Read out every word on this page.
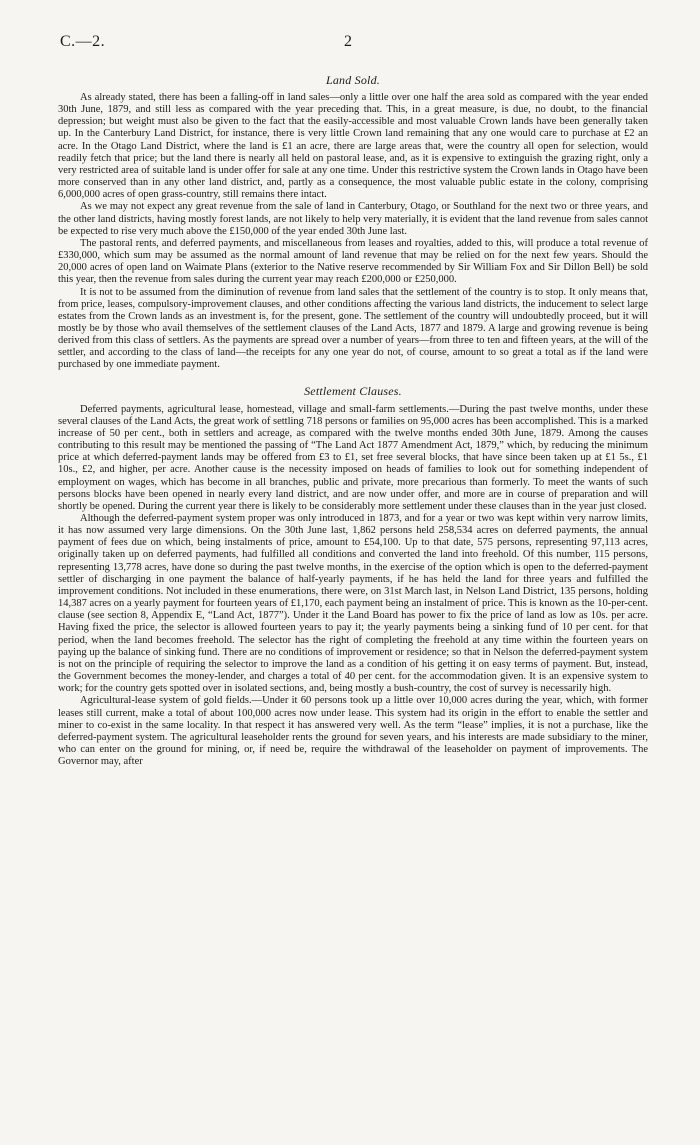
C.—2.	2
Land Sold.

As already stated, there has been a falling-off in land sales—only a little over one half the area sold as compared with the year ended 30th June, 1879, and still less as compared with the year preceding that. This, in a great measure, is due, no doubt, to the financial depression; but weight must also be given to the fact that the easily-accessible and most valuable Crown lands have been generally taken up. In the Canterbury Land District, for instance, there is very little Crown land remaining that any one would care to purchase at £2 an acre. In the Otago Land District, where the land is £1 an acre, there are large areas that, were the country all open for selection, would readily fetch that price; but the land there is nearly all held on pastoral lease, and, as it is expensive to extinguish the grazing right, only a very restricted area of suitable land is under offer for sale at any one time. Under this restrictive system the Crown lands in Otago have been more conserved than in any other land district, and, partly as a consequence, the most valuable public estate in the colony, comprising 6,000,000 acres of open grass-country, still remains there intact.

As we may not expect any great revenue from the sale of land in Canterbury, Otago, or Southland for the next two or three years, and the other land districts, having mostly forest lands, are not likely to help very materially, it is evident that the land revenue from sales cannot be expected to rise very much above the £150,000 of the year ended 30th June last.

The pastoral rents, and deferred payments, and miscellaneous from leases and royalties, added to this, will produce a total revenue of £330,000, which sum may be assumed as the normal amount of land revenue that may be relied on for the next few years. Should the 20,000 acres of open land on Waimate Plans (exterior to the Native reserve recommended by Sir William Fox and Sir Dillon Bell) be sold this year, then the revenue from sales during the current year may reach £200,000 or £250,000.

It is not to be assumed from the diminution of revenue from land sales that the settlement of the country is to stop. It only means that, from price, leases, compulsory-improvement clauses, and other conditions affecting the various land districts, the inducement to select large estates from the Crown lands as an investment is, for the present, gone. The settlement of the country will undoubtedly proceed, but it will mostly be by those who avail themselves of the settlement clauses of the Land Acts, 1877 and 1879. A large and growing revenue is being derived from this class of settlers. As the payments are spread over a number of years—from three to ten and fifteen years, at the will of the settler, and according to the class of land—the receipts for any one year do not, of course, amount to so great a total as if the land were purchased by one immediate payment.

Settlement Clauses.

Deferred payments, agricultural lease, homestead, village and small-farm settlements.—During the past twelve months, under these several clauses of the Land Acts, the great work of settling 718 persons or families on 95,000 acres has been accomplished. This is a marked increase of 50 per cent., both in settlers and acreage, as compared with the twelve months ended 30th June, 1879. Among the causes contributing to this result may be mentioned the passing of “The Land Act 1877 Amendment Act, 1879,” which, by reducing the minimum price at which deferred-payment lands may be offered from £3 to £1, set free several blocks, that have since been taken up at £1 5s., £1 10s., £2, and higher, per acre. Another cause is the necessity imposed on heads of families to look out for something independent of employment on wages, which has become in all branches, public and private, more precarious than formerly. To meet the wants of such persons blocks have been opened in nearly every land district, and are now under offer, and more are in course of preparation and will shortly be opened. During the current year there is likely to be considerably more settlement under these clauses than in the year just closed.

Although the deferred-payment system proper was only introduced in 1873, and for a year or two was kept within very narrow limits, it has now assumed very large dimensions. On the 30th June last, 1,862 persons held 258,534 acres on deferred payments, the annual payment of fees due on which, being instalments of price, amount to £54,100. Up to that date, 575 persons, representing 97,113 acres, originally taken up on deferred payments, had fulfilled all conditions and converted the land into freehold. Of this number, 115 persons, representing 13,778 acres, have done so during the past twelve months, in the exercise of the option which is open to the deferred-payment settler of discharging in one payment the balance of half-yearly payments, if he has held the land for three years and fulfilled the improvement conditions. Not included in these enumerations, there were, on 31st March last, in Nelson Land District, 135 persons, holding 14,387 acres on a yearly payment for fourteen years of £1,170, each payment being an instalment of price. This is known as the 10-per-cent. clause (see section 8, Appendix E, “Land Act, 1877”). Under it the Land Board has power to fix the price of land as low as 10s. per acre. Having fixed the price, the selector is allowed fourteen years to pay it; the yearly payments being a sinking fund of 10 per cent. for that period, when the land becomes freehold. The selector has the right of completing the freehold at any time within the fourteen years on paying up the balance of sinking fund. There are no conditions of improvement or residence; so that in Nelson the deferred-payment system is not on the principle of requiring the selector to improve the land as a condition of his getting it on easy terms of payment. But, instead, the Government becomes the money-lender, and charges a total of 40 per cent. for the accommodation given. It is an expensive system to work; for the country gets spotted over in isolated sections, and, being mostly a bush-country, the cost of survey is necessarily high.

Agricultural-lease system of gold fields.—Under it 60 persons took up a little over 10,000 acres during the year, which, with former leases still current, make a total of about 100,000 acres now under lease. This system had its origin in the effort to enable the settler and miner to co-exist in the same locality. In that respect it has answered very well. As the term “lease” implies, it is not a purchase, like the deferred-payment system. The agricultural leaseholder rents the ground for seven years, and his interests are made subsidiary to the miner, who can enter on the ground for mining, or, if need be, require the withdrawal of the leaseholder on payment of improvements. The Governor may, after
